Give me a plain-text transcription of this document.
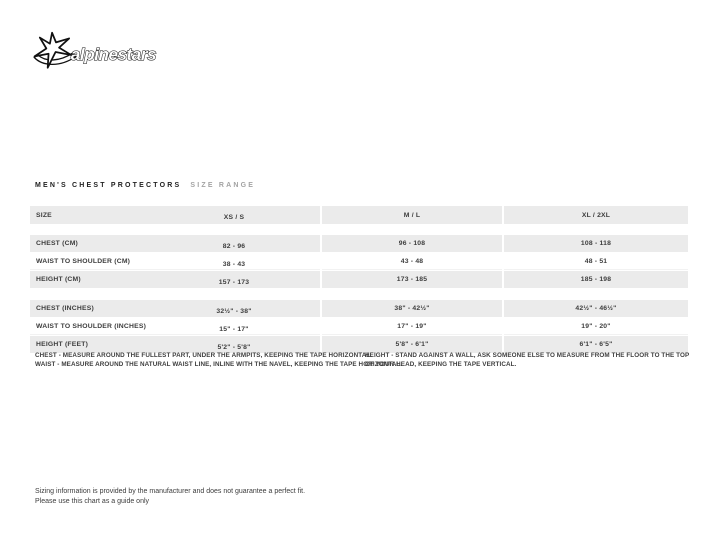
alpinestars
MEN'S CHEST PROTECTORS SIZE RANGE
SIZE	XS / S	M / L	XL / 2XL
CHEST (CM)	82 - 96	96 - 108	108 - 118
WAIST TO SHOULDER (CM)	38 - 43	43 - 48	48 - 51
HEIGHT (CM)	157 - 173	173 - 185	185 - 198
CHEST (INCHES)	32½" - 38"	38" - 42½"	42½" - 46½"
WAIST TO SHOULDER (INCHES)	15" - 17"	17" - 19"	19" - 20"
HEIGHT (FEET)	5'2" - 5'8"	5'8" - 6'1"	6'1" - 6'5"
CHEST - MEASURE AROUND THE FULLEST PART, UNDER THE ARMPITS, KEEPING THE TAPE HORIZONTAL.
WAIST - MEASURE AROUND THE NATURAL WAIST LINE, INLINE WITH THE NAVEL, KEEPING THE TAPE HORIZONTAL.
HEIGHT - STAND AGAINST A WALL, ASK SOMEONE ELSE TO MEASURE FROM THE FLOOR TO THE TOP OF YOUR HEAD, KEEPING THE TAPE VERTICAL.
Sizing information is provided by the manufacturer and does not guarantee a perfect fit.
Please use this chart as a guide only
